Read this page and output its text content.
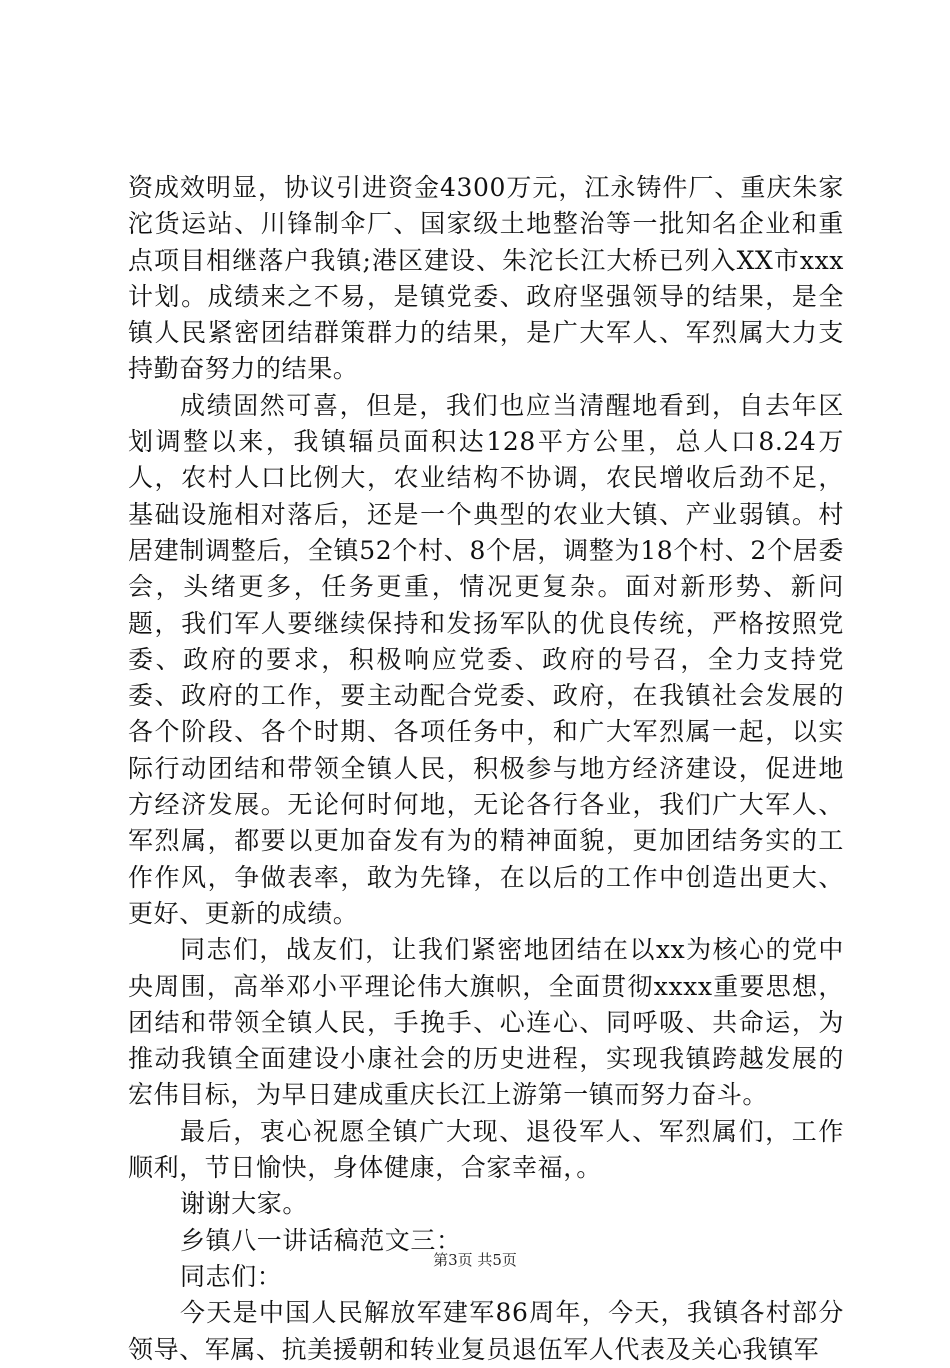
资成效明显，协议引进资金4300万元，江永铸件厂、重庆朱家沱货运站、川锋制伞厂、国家级土地整治等一批知名企业和重点项目相继落户我镇;港区建设、朱沱长江大桥已列入XX市xxx计划。成绩来之不易，是镇党委、政府坚强领导的结果，是全镇人民紧密团结群策群力的结果，是广大军人、军烈属大力支持勤奋努力的结果。

成绩固然可喜，但是，我们也应当清醒地看到，自去年区划调整以来，我镇辐员面积达128平方公里，总人口8.24万人，农村人口比例大，农业结构不协调，农民增收后劲不足，基础设施相对落后，还是一个典型的农业大镇、产业弱镇。村居建制调整后，全镇52个村、8个居，调整为18个村、2个居委会，头绪更多，任务更重，情况更复杂。面对新形势、新问题，我们军人要继续保持和发扬军队的优良传统，严格按照党委、政府的要求，积极响应党委、政府的号召，全力支持党委、政府的工作，要主动配合党委、政府，在我镇社会发展的各个阶段、各个时期、各项任务中，和广大军烈属一起，以实际行动团结和带领全镇人民，积极参与地方经济建设，促进地方经济发展。无论何时何地，无论各行各业，我们广大军人、军烈属，都要以更加奋发有为的精神面貌，更加团结务实的工作作风，争做表率，敢为先锋，在以后的工作中创造出更大、更好、更新的成绩。

同志们，战友们，让我们紧密地团结在以xx为核心的党中央周围，高举邓小平理论伟大旗帜，全面贯彻xxxx重要思想，团结和带领全镇人民，手挽手、心连心、同呼吸、共命运，为推动我镇全面建设小康社会的历史进程，实现我镇跨越发展的宏伟目标，为早日建成重庆长江上游第一镇而努力奋斗。

最后，衷心祝愿全镇广大现、退役军人、军烈属们，工作顺利，节日愉快，身体健康，合家幸福，。

谢谢大家。

乡镇八一讲话稿范文三：

同志们：

今天是中国人民解放军建军86周年，今天，我镇各村部分领导、军属、抗美援朝和转业复员退伍军人代表及关心我镇军

第3页 共5页
